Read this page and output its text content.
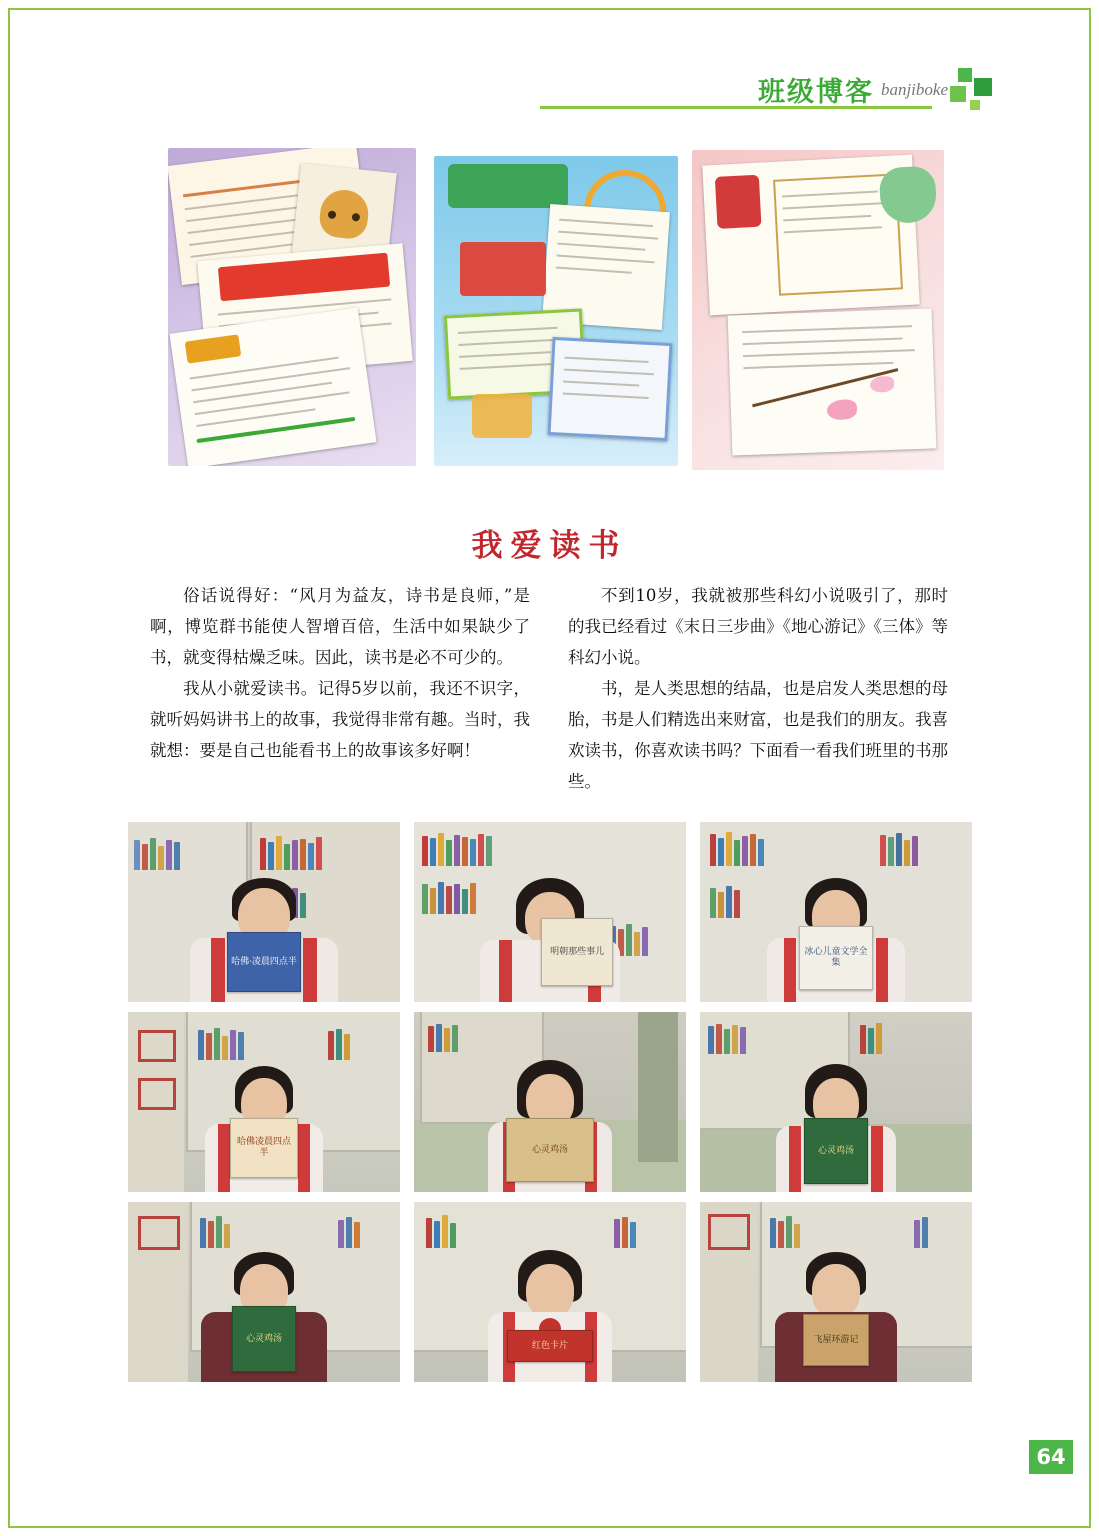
班级博客 banjiboke
我爱读书

俗话说得好：“风月为益友，诗书是良师，”是啊，博览群书能使人智增百倍，生活中如果缺少了书，就变得枯燥乏味。因此，读书是必不可少的。

我从小就爱读书。记得5岁以前，我还不识字，就听妈妈讲书上的故事，我觉得非常有趣。当时，我就想：要是自己也能看书上的故事该多好啊！

不到10岁，我就被那些科幻小说吸引了，那时的我已经看过《末日三步曲》《地心游记》《三体》等科幻小说。

书，是人类思想的结晶，也是启发人类思想的母胎，书是人们精选出来财富，也是我们的朋友。我喜欢读书，你喜欢读书吗？下面看一看我们班里的书那些。

哈佛·凌晨四点半
明朝那些事儿	冰心儿童文学全集
哈佛凌晨四点半	心灵鸡汤	心灵鸡汤
心灵鸡汤
红色卡片
飞屋环游记
64
